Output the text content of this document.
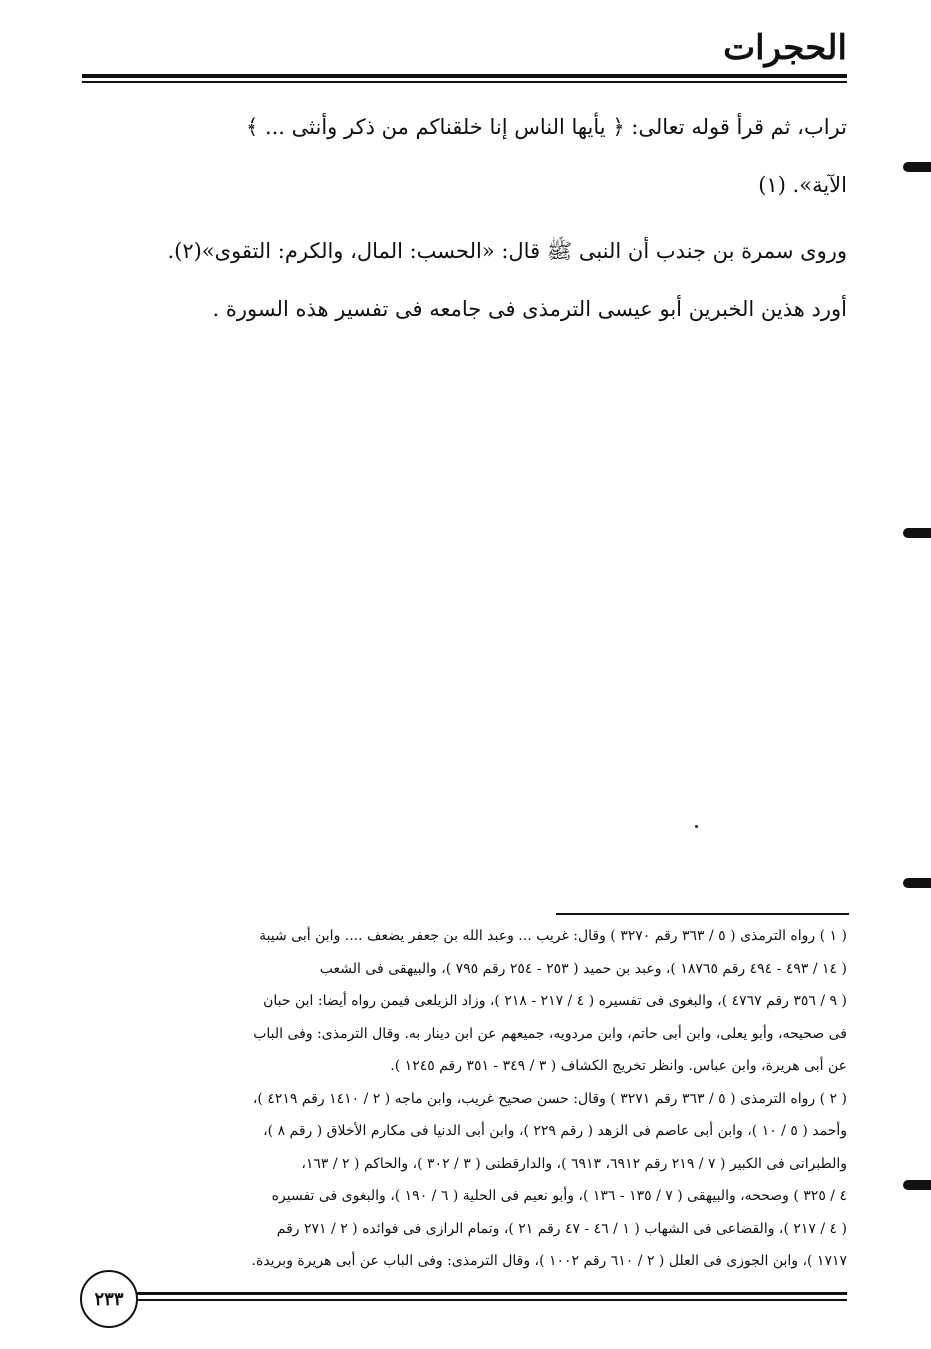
الحجرات

تراب، ثم قرأ قوله تعالى: ﴿ يأيها الناس إنا خلقناكم من ذكر وأنثى ... ﴾

الآية». (١)

وروى سمرة بن جندب أن النبى ﷺ قال: «الحسب: المال، والكرم: التقوى»(٢).

أورد هذين الخبرين أبو عيسى الترمذى فى جامعه فى تفسير هذه السورة .

( ١ ) رواه الترمذى ( ٥ / ٣٦٣ رقم ٣٢٧٠ ) وقال: غريب ... وعبد الله بن جعفر يضعف .... وابن أبى شيبة

( ١٤ / ٤٩٣ - ٤٩٤ رقم ١٨٧٦٥ )، وعبد بن حميد ( ٢٥٣ - ٢٥٤ رقم ٧٩٥ )، والبيهقى فى الشعب

( ٩ / ٣٥٦ رقم ٤٧٦٧ )، والبغوى فى تفسيره ( ٤ / ٢١٧ - ٢١٨ )، وزاد الزيلعى فيمن رواه أيضا: ابن حبان

فى صحيحه، وأبو يعلى، وابن أبى حاتم، وابن مردويه، جميعهم عن ابن دينار به. وقال الترمذى: وفى الباب

عن أبى هريرة، وابن عباس. وانظر تخريج الكشاف ( ٣ / ٣٤٩ - ٣٥١ رقم ١٢٤٥ ).

( ٢ ) رواه الترمذى ( ٥ / ٣٦٣ رقم ٣٢٧١ ) وقال: حسن صحيح غريب، وابن ماجه ( ٢ / ١٤١٠ رقم ٤٢١٩ )،

وأحمد ( ٥ / ١٠ )، وابن أبى عاصم فى الزهد ( رقم ٢٢٩ )، وابن أبى الدنيا فى مكارم الأخلاق ( رقم ٨ )،

والطبرانى فى الكبير ( ٧ / ٢١٩ رقم ٦٩١٢، ٦٩١٣ )، والدارقطنى ( ٣ / ٣٠٢ )، والحاكم ( ٢ / ١٦٣،

٤ / ٣٢٥ ) وصححه، والبيهقى ( ٧ / ١٣٥ - ١٣٦ )، وأبو نعيم فى الحلية ( ٦ / ١٩٠ )، والبغوى فى تفسيره

( ٤ / ٢١٧ )، والقضاعى فى الشهاب ( ١ / ٤٦ - ٤٧ رقم ٢١ )، وتمام الرازى فى فوائده ( ٢ / ٢٧١ رقم

١٧١٧ )، وابن الجوزى فى العلل ( ٢ / ٦١٠ رقم ١٠٠٢ )، وقال الترمذى: وفى الباب عن أبى هريرة وبريدة.

٢٣٣
